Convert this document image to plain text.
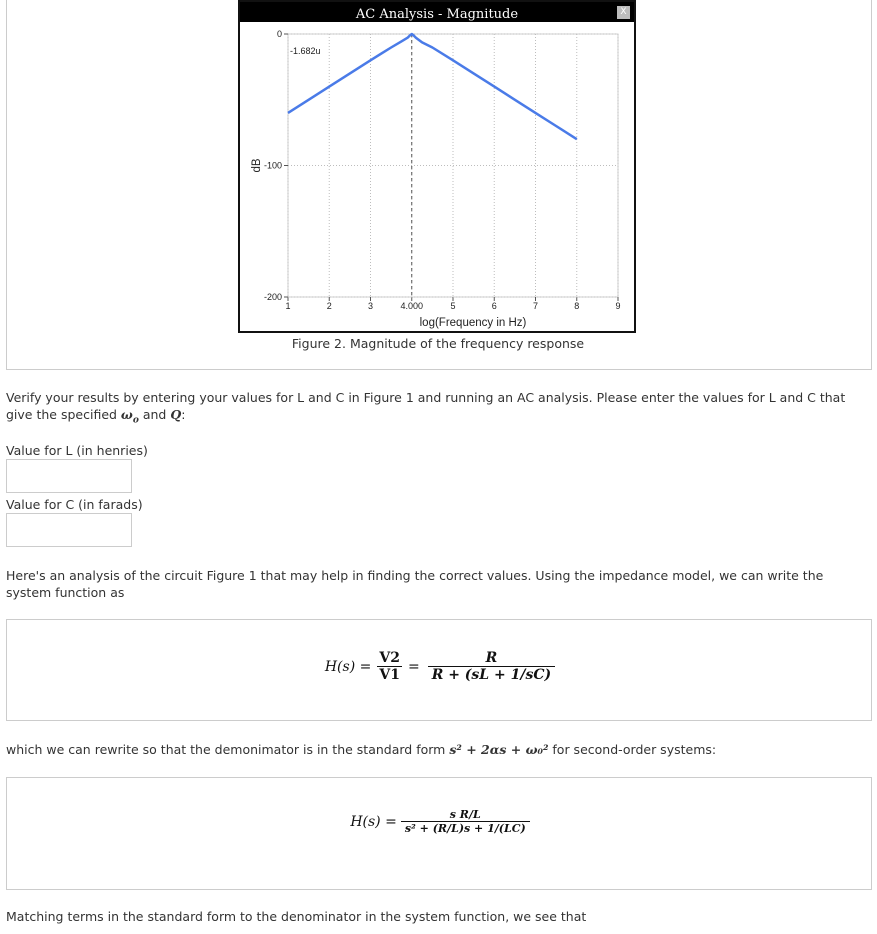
AC Analysis - Magnitude	X
1	2	3	4.000	5	6	7	8	9
0
-100
-200
-1.682u
log(Frequency in Hz)
dB
Figure 2. Magnitude of the frequency response

Verify your results by entering your values for L and C in Figure 1 and running an AC analysis. Please enter the values for L and C that give the specified $\omega_o$ and Q:

Value for L (in henries)
Value for C (in farads)

Here's an analysis of the circuit Figure 1 that may help in finding the correct values. Using the impedance model, we can write the system function as

$H(s) = \frac{V2}{V1} = \frac{R}{R + (sL + 1/sC)}$

which we can rewrite so that the demonimator is in the standard form s² + 2αs + ω₀² for second-order systems:

$H(s) = \frac{\text{s R/L}}{\text{s² + (R/L)s + 1/(LC)}}$

Matching terms in the standard form to the denominator in the system function, we see that
